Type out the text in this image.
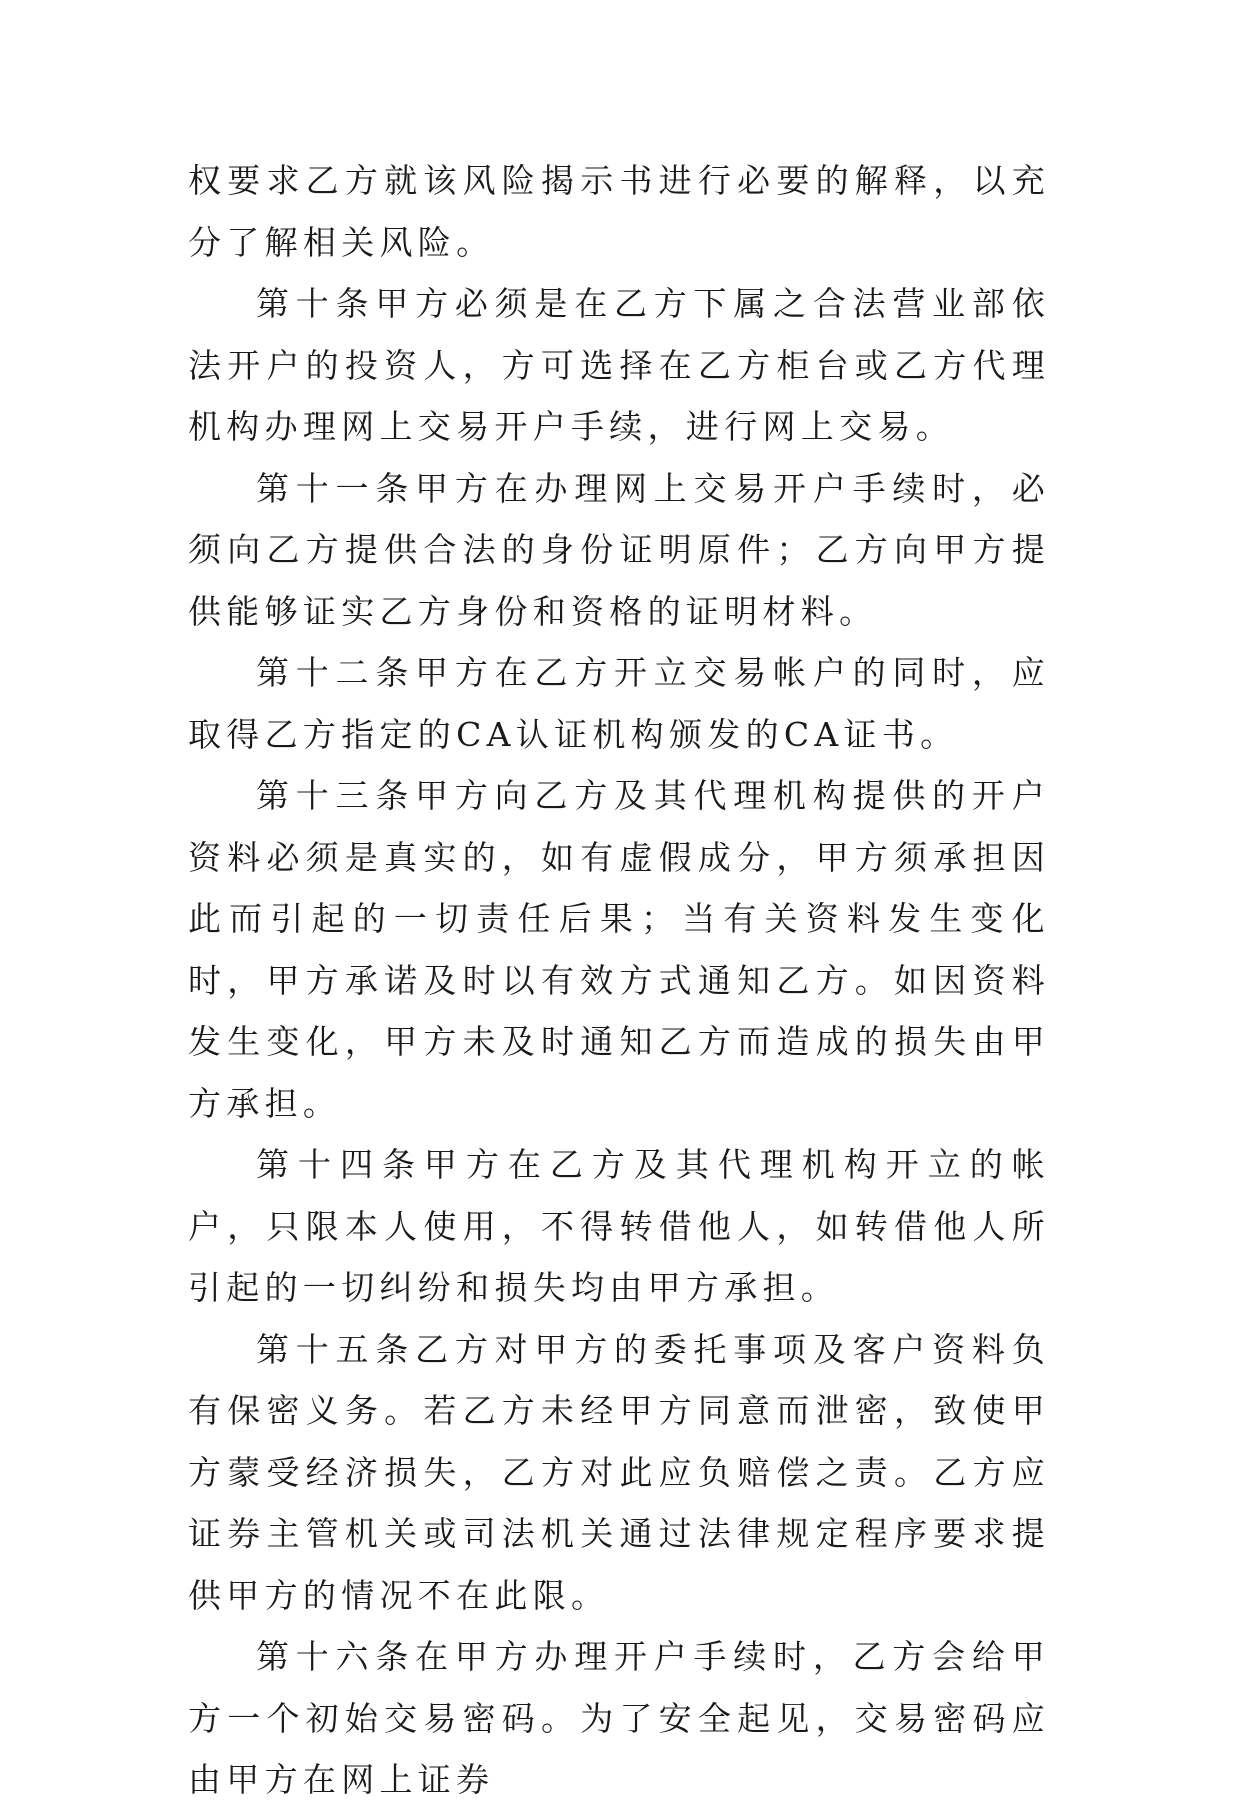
权要求乙方就该风险揭示书进行必要的解释，以充分了解相关风险。

第十条甲方必须是在乙方下属之合法营业部依法开户的投资人，方可选择在乙方柜台或乙方代理机构办理网上交易开户手续，进行网上交易。

第十一条甲方在办理网上交易开户手续时，必须向乙方提供合法的身份证明原件；乙方向甲方提供能够证实乙方身份和资格的证明材料。

第十二条甲方在乙方开立交易帐户的同时，应取得乙方指定的CA认证机构颁发的CA证书。

第十三条甲方向乙方及其代理机构提供的开户资料必须是真实的，如有虚假成分，甲方须承担因此而引起的一切责任后果；当有关资料发生变化时，甲方承诺及时以有效方式通知乙方。如因资料发生变化，甲方未及时通知乙方而造成的损失由甲方承担。

第十四条甲方在乙方及其代理机构开立的帐户，只限本人使用，不得转借他人，如转借他人所引起的一切纠纷和损失均由甲方承担。

第十五条乙方对甲方的委托事项及客户资料负有保密义务。若乙方未经甲方同意而泄密，致使甲方蒙受经济损失，乙方对此应负赔偿之责。乙方应证券主管机关或司法机关通过法律规定程序要求提供甲方的情况不在此限。

第十六条在甲方办理开户手续时，乙方会给甲方一个初始交易密码。为了安全起见，交易密码应由甲方在网上证券
